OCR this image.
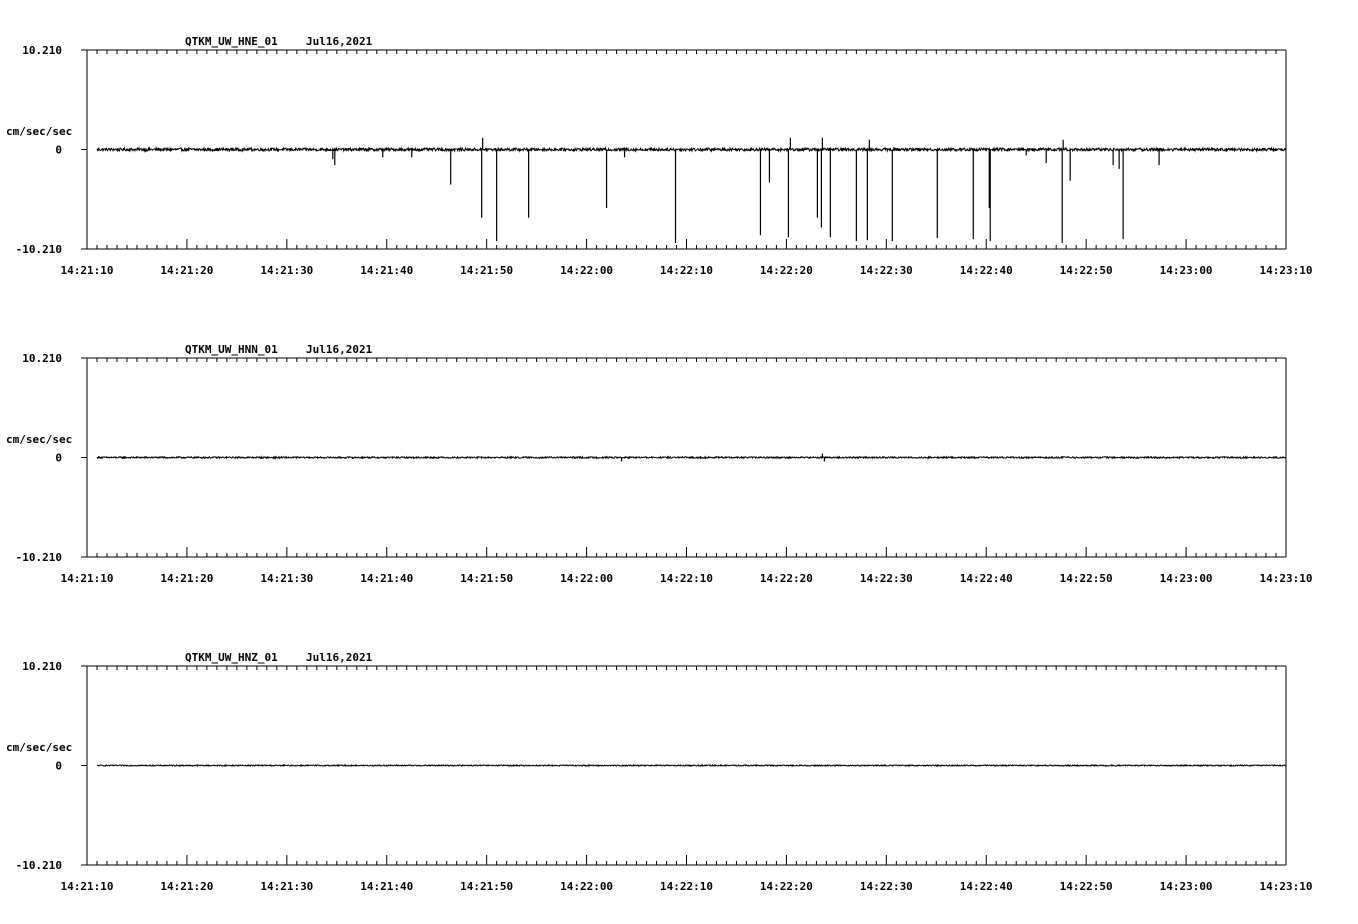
QTKM_UW_HNE_01	Jul16,2021
10.210
0
-10.210
cm/sec/sec
14:21:10	14:21:20	14:21:30	14:21:40	14:21:50	14:22:00	14:22:10	14:22:20	14:22:30	14:22:40	14:22:50	14:23:00	14:23:10
QTKM_UW_HNN_01	Jul16,2021
10.210
0
-10.210
cm/sec/sec
14:21:10	14:21:20	14:21:30	14:21:40	14:21:50	14:22:00	14:22:10	14:22:20	14:22:30	14:22:40	14:22:50	14:23:00	14:23:10
QTKM_UW_HNZ_01	Jul16,2021
10.210
0
-10.210
cm/sec/sec
14:21:10	14:21:20	14:21:30	14:21:40	14:21:50	14:22:00	14:22:10	14:22:20	14:22:30	14:22:40	14:22:50	14:23:00	14:23:10
